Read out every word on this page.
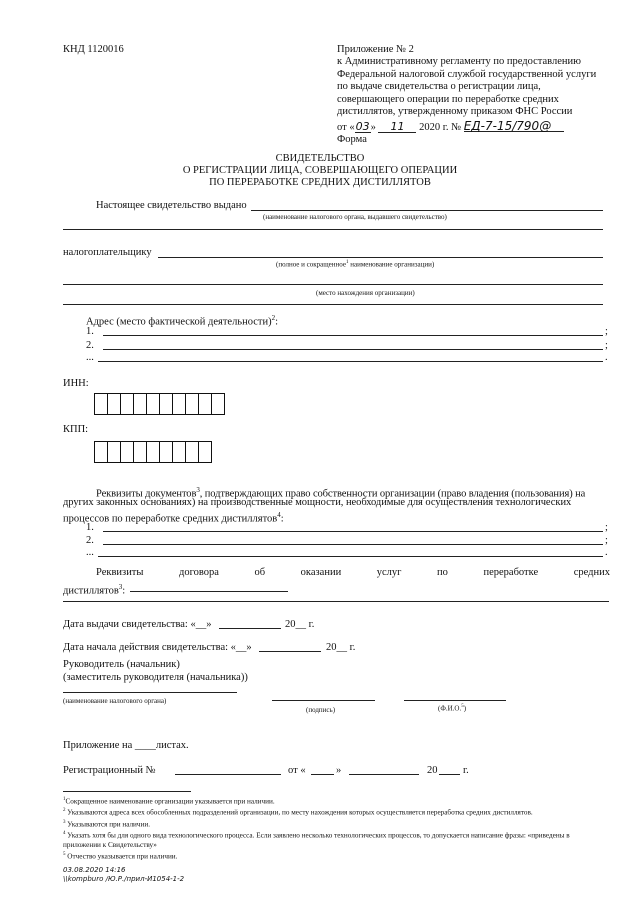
КНД 1120016	Приложение № 2
к Административному регламенту по предоставлению
Федеральной налоговой службой государственной услуги
по выдаче свидетельства о регистрации лица,
совершающего операции по переработке средних
дистиллятов, утвержденному приказом ФНС России
от «03» 11 2020 г. № ЕД-7-15/790@
Форма
СВИДЕТЕЛЬСТВО
О РЕГИСТРАЦИИ ЛИЦА, СОВЕРШАЮЩЕГО ОПЕРАЦИИ
ПО ПЕРЕРАБОТКЕ СРЕДНИХ ДИСТИЛЛЯТОВ
Настоящее свидетельство выдано
(наименование налогового органа, выдавшего свидетельство)
налогоплательщику
(полное и сокращенное$^1$ наименование организации)
(место нахождения организации)
Адрес (место фактической деятельности)$^2$:
1.	;
2.	;
...	.
ИНН:
КПП:
Реквизиты документов$^3$, подтверждающих право собственности организации (право владения (пользования) на
других законных основаниях) на производственные мощности, необходимые для осуществления технологических
процессов по переработке средних дистиллятов$^4$:
1.	;
2.	;
...	.
Реквизиты	договора	об	оказании	услуг	по	переработке	средних
дистиллятов$^3$:
Дата выдачи свидетельства: «__»	20__ г.
Дата начала действия свидетельства: «__»	20__ г.
Руководитель (начальник)
(заместитель руководителя (начальника))
(наименование налогового органа)
(подпись)	(Ф.И.О.$^5$)
Приложение на ____листах.
Регистрационный №	от «	»	20 г.
$^1$Сокращенное наименование организации указывается при наличии.
$^2$ Указываются адреса всех обособленных подразделений организации, по месту нахождения которых осуществляется переработка средних дистиллятов.
$^3$ Указываются при наличии.
$^4$ Указать хотя бы для одного вида технологического процесса. Если заявлено несколько технологических процессов, то допускается написание фразы: «приведены в приложении к Свидетельству»
$^5$ Отчество указывается при наличии.
03.08.2020 14:16
\\kompburo /Ю.Р./прил-И1054-1-2
